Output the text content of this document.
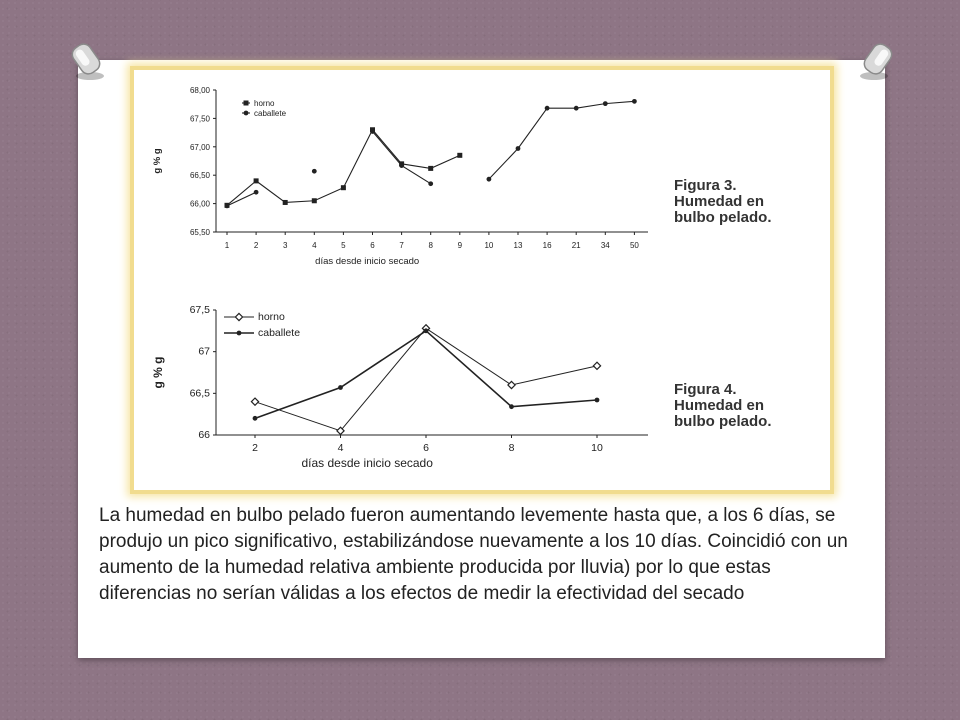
65,50
66,00
66,50
67,00
67,50
68,00
1	2	3	4	5	6	7	8	9	10	13	16	21	34	50
días desde inicio secado
g % g
horno
caballete
Figura 3.
Humedad en
bulbo pelado.
66
66,5
67
67,5
2	4	6	8	10
días desde inicio secado
g % g
horno
caballete
Figura 4.
Humedad en
bulbo pelado.
La humedad en bulbo pelado fueron aumentando levemente hasta que, a los 6 días, se produjo un pico significativo, estabilizándose nuevamente a los 10 días. Coincidió con un aumento de la humedad relativa ambiente producida por lluvia) por lo que estas diferencias no serían válidas a los efectos de medir la efectividad del secado
